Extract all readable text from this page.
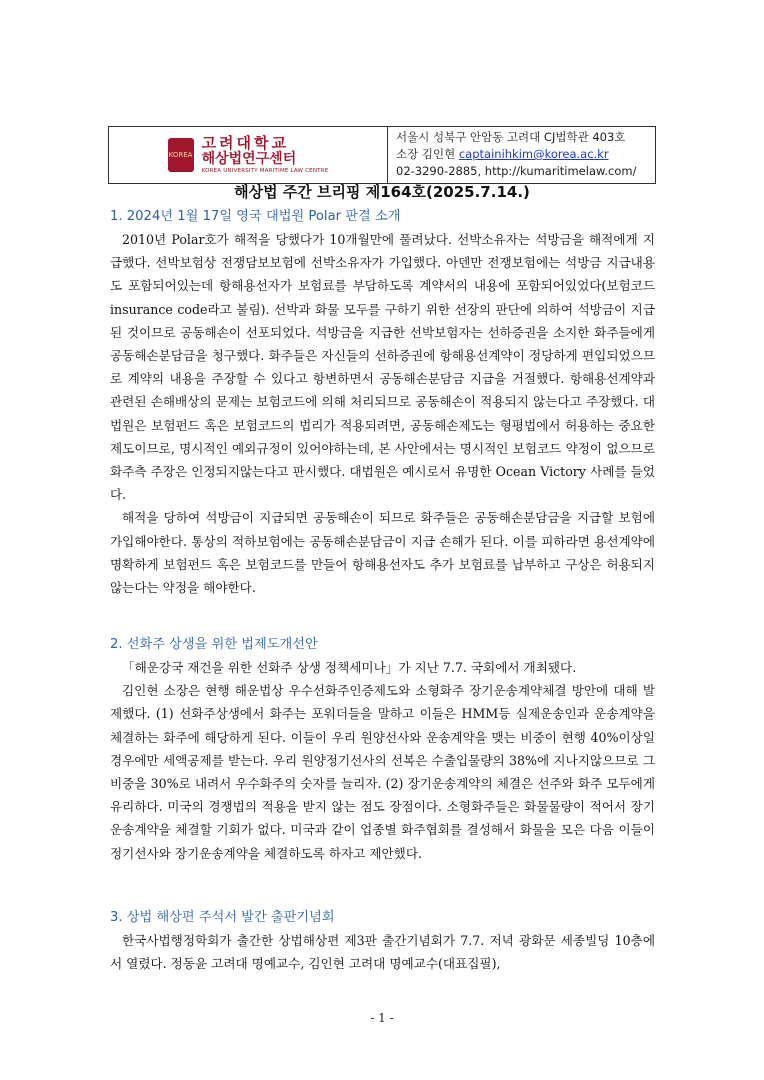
KOREA
고려대학교
해상법연구센터
KOREA UNIVERSITY MARITIME LAW CENTRE
서울시 성북구 안암동 고려대 CJ법학관 403호
소장 김인현 captainihkim@korea.ac.kr
02-3290-2885, http://kumaritimelaw.com/
해상법 주간 브리핑 제164호(2025.7.14.)
1. 2024년 1월 17일 영국 대법원 Polar 판결 소개

2010년 Polar호가 해적을 당했다가 10개월만에 풀려났다. 선박소유자는 석방금을 해적에게 지급했다. 선박보험상 전쟁담보보험에 선박소유자가 가입했다. 아덴만 전쟁보험에는 석방금 지급내용도 포함되어있는데 항해용선자가 보험료를 부담하도록 계약서의 내용에 포함되어있었다(보험코드 insurance code라고 불림). 선박과 화물 모두를 구하기 위한 선장의 판단에 의하여 석방금이 지급된 것이므로 공동해손이 선포되었다. 석방금을 지급한 선박보험자는 선하증권을 소지한 화주들에게 공동해손분담금을 청구했다. 화주들은 자신들의 선하증권에 항해용선계약이 정당하게 편입되었으므로 계약의 내용을 주장할 수 있다고 항변하면서 공동해손분담금 지급을 거절했다. 항해용선계약과 관련된 손해배상의 문제는 보험코드에 의해 처리되므로 공동해손이 적용되지 않는다고 주장했다. 대법원은 보험펀드 혹은 보험코드의 법리가 적용되려면, 공동해손제도는 형평법에서 허용하는 중요한 제도이므로, 명시적인 예외규정이 있어야하는데, 본 사안에서는 명시적인 보험코드 약정이 없으므로 화주측 주장은 인정되지않는다고 판시했다. 대법원은 예시로서 유명한 Ocean Victory 사례를 들었다.

해적을 당하여 석방금이 지급되면 공동해손이 되므로 화주들은 공동해손분담금을 지급할 보험에 가입해야한다. 통상의 적하보험에는 공동해손분담금이 지급 손해가 된다. 이를 피하라면 용선계약에 명확하게 보험펀드 혹은 보험코드를 만들어 항해용선자도 추가 보험료를 납부하고 구상은 허용되지않는다는 약정을 해야한다.

2. 선화주 상생을 위한 법제도개선안

「해운강국 재건을 위한 선화주 상생 정책세미나」가 지난 7.7. 국회에서 개최됐다.

김인현 소장은 현행 해운법상 우수선화주인증제도와 소형화주 장기운송계약체결 방안에 대해 발제했다. (1) 선화주상생에서 화주는 포워더들을 말하고 이들은 HMM등 실제운송인과 운송계약을 체결하는 화주에 해당하게 된다. 이들이 우리 원양선사와 운송계약을 맺는 비중이 현행 40%이상일 경우에만 세액공제를 받는다. 우리 원양정기선사의 선복은 수출입물량의 38%에 지나지않으므로 그 비중을 30%로 내려서 우수화주의 숫자를 늘리자. (2) 장기운송계약의 체결은 선주와 화주 모두에게 유리하다. 미국의 경쟁법의 적용을 받지 않는 점도 장점이다. 소형화주들은 화물물량이 적어서 장기운송계약을 체결할 기회가 없다. 미국과 같이 업종별 화주협회를 결성해서 화물을 모은 다음 이들이 정기선사와 장기운송계약을 체결하도록 하자고 제안했다.

3. 상법 해상편 주석서 발간 출판기념회

한국사법행정학회가 출간한 상법해상편 제3판 출간기념회가 7.7. 저녁 광화문 세종빌딩 10층에서 열렸다. 정동윤 고려대 명예교수, 김인현 고려대 명예교수(대표집필),

- 1 -
